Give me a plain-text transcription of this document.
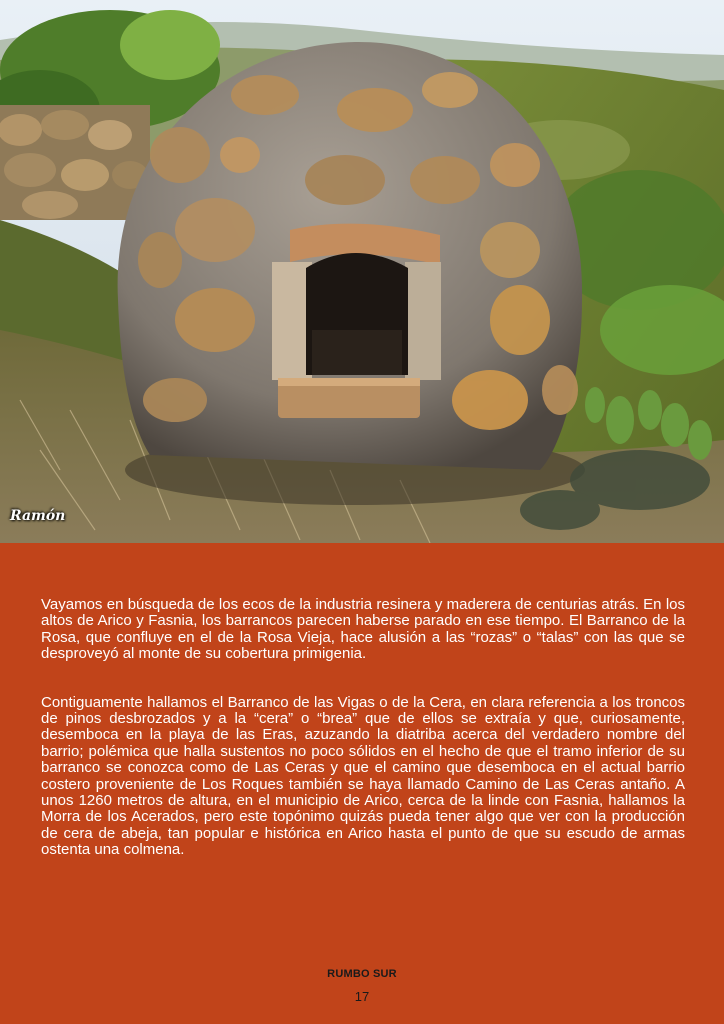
Ramón

Vayamos en búsqueda de los ecos de la industria resinera y maderera de centurias atrás. En los altos de Arico y Fasnia, los barrancos parecen haberse parado en ese tiempo. El Barranco de la Rosa, que confluye en el de la Rosa Vieja, hace alusión a las “rozas” o “talas” con las que se desproveyó al monte de su cobertura primigenia.

Contiguamente hallamos el Barranco de las Vigas o de la Cera, en clara referencia a los troncos de pinos desbrozados y a la “cera” o “brea” que de ellos se extraía y que, curiosamente, desemboca en la playa de las Eras, azuzando la diatriba acerca del verdadero nombre del barrio; polémica que halla sustentos no poco sólidos en el hecho de que el tramo inferior de su barranco se conozca como de Las Ceras y que el camino que desemboca en el actual barrio costero proveniente de Los Roques también se haya llamado Camino de Las Ceras antaño. A unos 1260 metros de altura, en el municipio de Arico, cerca de la linde con Fasnia, hallamos la Morra de los Acerados, pero este topónimo quizás pueda tener algo que ver con la producción de cera de abeja, tan popular e histórica en Arico hasta el punto de que su escudo de armas ostenta una colmena.

RUMBO SUR
17
